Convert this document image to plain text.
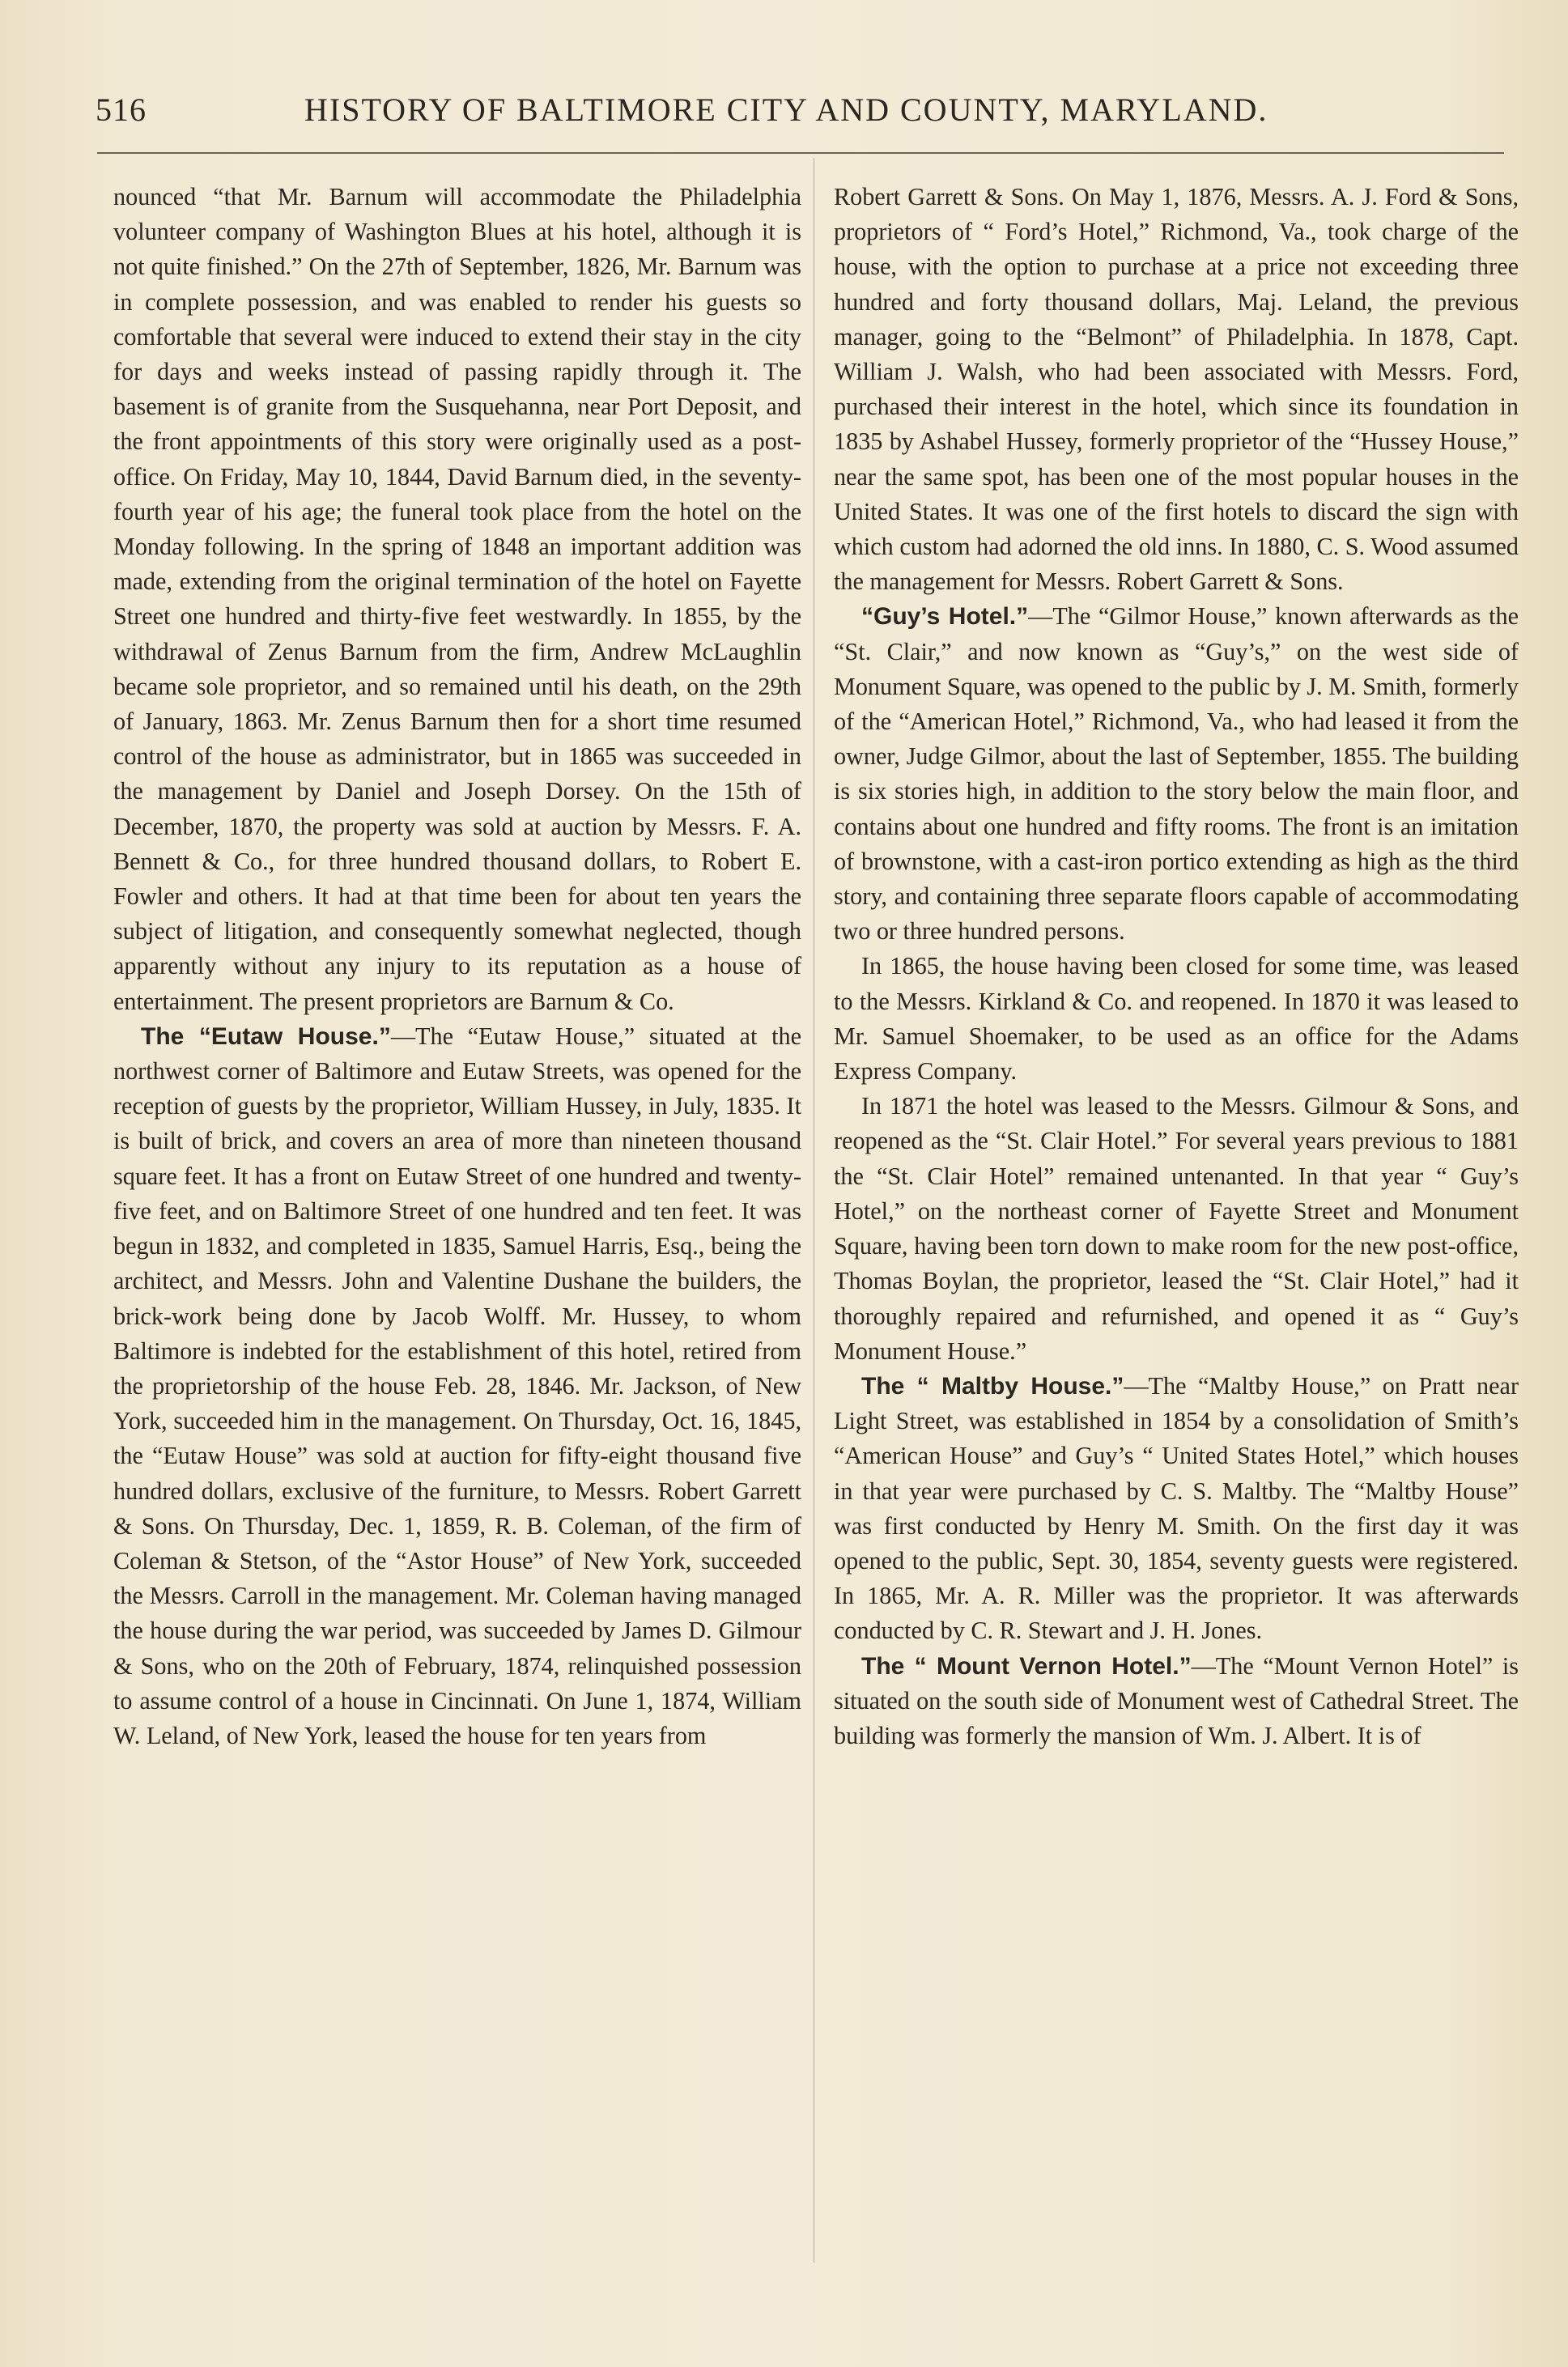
516	HISTORY OF BALTIMORE CITY AND COUNTY, MARYLAND.

nounced “that Mr. Barnum will accommodate the Philadelphia volunteer company of Washington Blues at his hotel, although it is not quite finished.” On the 27th of September, 1826, Mr. Barnum was in complete possession, and was enabled to render his guests so comfortable that several were induced to extend their stay in the city for days and weeks instead of passing rapidly through it. The basement is of granite from the Susquehanna, near Port Deposit, and the front appointments of this story were originally used as a post-office. On Friday, May 10, 1844, David Barnum died, in the seventy-fourth year of his age; the funeral took place from the hotel on the Monday following. In the spring of 1848 an important addition was made, extending from the original termination of the hotel on Fayette Street one hundred and thirty-five feet westwardly. In 1855, by the withdrawal of Zenus Barnum from the firm, Andrew McLaughlin became sole proprietor, and so remained until his death, on the 29th of January, 1863. Mr. Zenus Barnum then for a short time resumed control of the house as administrator, but in 1865 was succeeded in the management by Daniel and Joseph Dorsey. On the 15th of December, 1870, the property was sold at auction by Messrs. F. A. Bennett & Co., for three hundred thousand dollars, to Robert E. Fowler and others. It had at that time been for about ten years the subject of litigation, and consequently somewhat neglected, though apparently without any injury to its reputation as a house of entertainment. The present proprietors are Barnum & Co.

The “Eutaw House.”—The “Eutaw House,” situated at the northwest corner of Baltimore and Eutaw Streets, was opened for the reception of guests by the proprietor, William Hussey, in July, 1835. It is built of brick, and covers an area of more than nineteen thousand square feet. It has a front on Eutaw Street of one hundred and twenty-five feet, and on Baltimore Street of one hundred and ten feet. It was begun in 1832, and completed in 1835, Samuel Harris, Esq., being the architect, and Messrs. John and Valentine Dushane the builders, the brick-work being done by Jacob Wolff. Mr. Hussey, to whom Baltimore is indebted for the establishment of this hotel, retired from the proprietorship of the house Feb. 28, 1846. Mr. Jackson, of New York, succeeded him in the management. On Thursday, Oct. 16, 1845, the “Eutaw House” was sold at auction for fifty-eight thousand five hundred dollars, exclusive of the furniture, to Messrs. Robert Garrett & Sons. On Thursday, Dec. 1, 1859, R. B. Coleman, of the firm of Coleman & Stetson, of the “Astor House” of New York, succeeded the Messrs. Carroll in the management. Mr. Coleman having managed the house during the war period, was succeeded by James D. Gilmour & Sons, who on the 20th of February, 1874, relinquished possession to assume control of a house in Cincinnati. On June 1, 1874, William W. Leland, of New York, leased the house for ten years from

Robert Garrett & Sons. On May 1, 1876, Messrs. A. J. Ford & Sons, proprietors of “ Ford’s Hotel,” Richmond, Va., took charge of the house, with the option to purchase at a price not exceeding three hundred and forty thousand dollars, Maj. Leland, the previous manager, going to the “Belmont” of Philadelphia. In 1878, Capt. William J. Walsh, who had been associated with Messrs. Ford, purchased their interest in the hotel, which since its foundation in 1835 by Ashabel Hussey, formerly proprietor of the “Hussey House,” near the same spot, has been one of the most popular houses in the United States. It was one of the first hotels to discard the sign with which custom had adorned the old inns. In 1880, C. S. Wood assumed the management for Messrs. Robert Garrett & Sons.

“Guy’s Hotel.”—The “Gilmor House,” known afterwards as the “St. Clair,” and now known as “Guy’s,” on the west side of Monument Square, was opened to the public by J. M. Smith, formerly of the “American Hotel,” Richmond, Va., who had leased it from the owner, Judge Gilmor, about the last of September, 1855. The building is six stories high, in addition to the story below the main floor, and contains about one hundred and fifty rooms. The front is an imitation of brownstone, with a cast-iron portico extending as high as the third story, and containing three separate floors capable of accommodating two or three hundred persons.

In 1865, the house having been closed for some time, was leased to the Messrs. Kirkland & Co. and reopened. In 1870 it was leased to Mr. Samuel Shoemaker, to be used as an office for the Adams Express Company.

In 1871 the hotel was leased to the Messrs. Gilmour & Sons, and reopened as the “St. Clair Hotel.” For several years previous to 1881 the “St. Clair Hotel” remained untenanted. In that year “ Guy’s Hotel,” on the northeast corner of Fayette Street and Monument Square, having been torn down to make room for the new post-office, Thomas Boylan, the proprietor, leased the “St. Clair Hotel,” had it thoroughly repaired and refurnished, and opened it as “ Guy’s Monument House.”

The “ Maltby House.”—The “Maltby House,” on Pratt near Light Street, was established in 1854 by a consolidation of Smith’s “American House” and Guy’s “ United States Hotel,” which houses in that year were purchased by C. S. Maltby. The “Maltby House” was first conducted by Henry M. Smith. On the first day it was opened to the public, Sept. 30, 1854, seventy guests were registered. In 1865, Mr. A. R. Miller was the proprietor. It was afterwards conducted by C. R. Stewart and J. H. Jones.

The “ Mount Vernon Hotel.”—The “Mount Vernon Hotel” is situated on the south side of Monument west of Cathedral Street. The building was formerly the mansion of Wm. J. Albert. It is of
